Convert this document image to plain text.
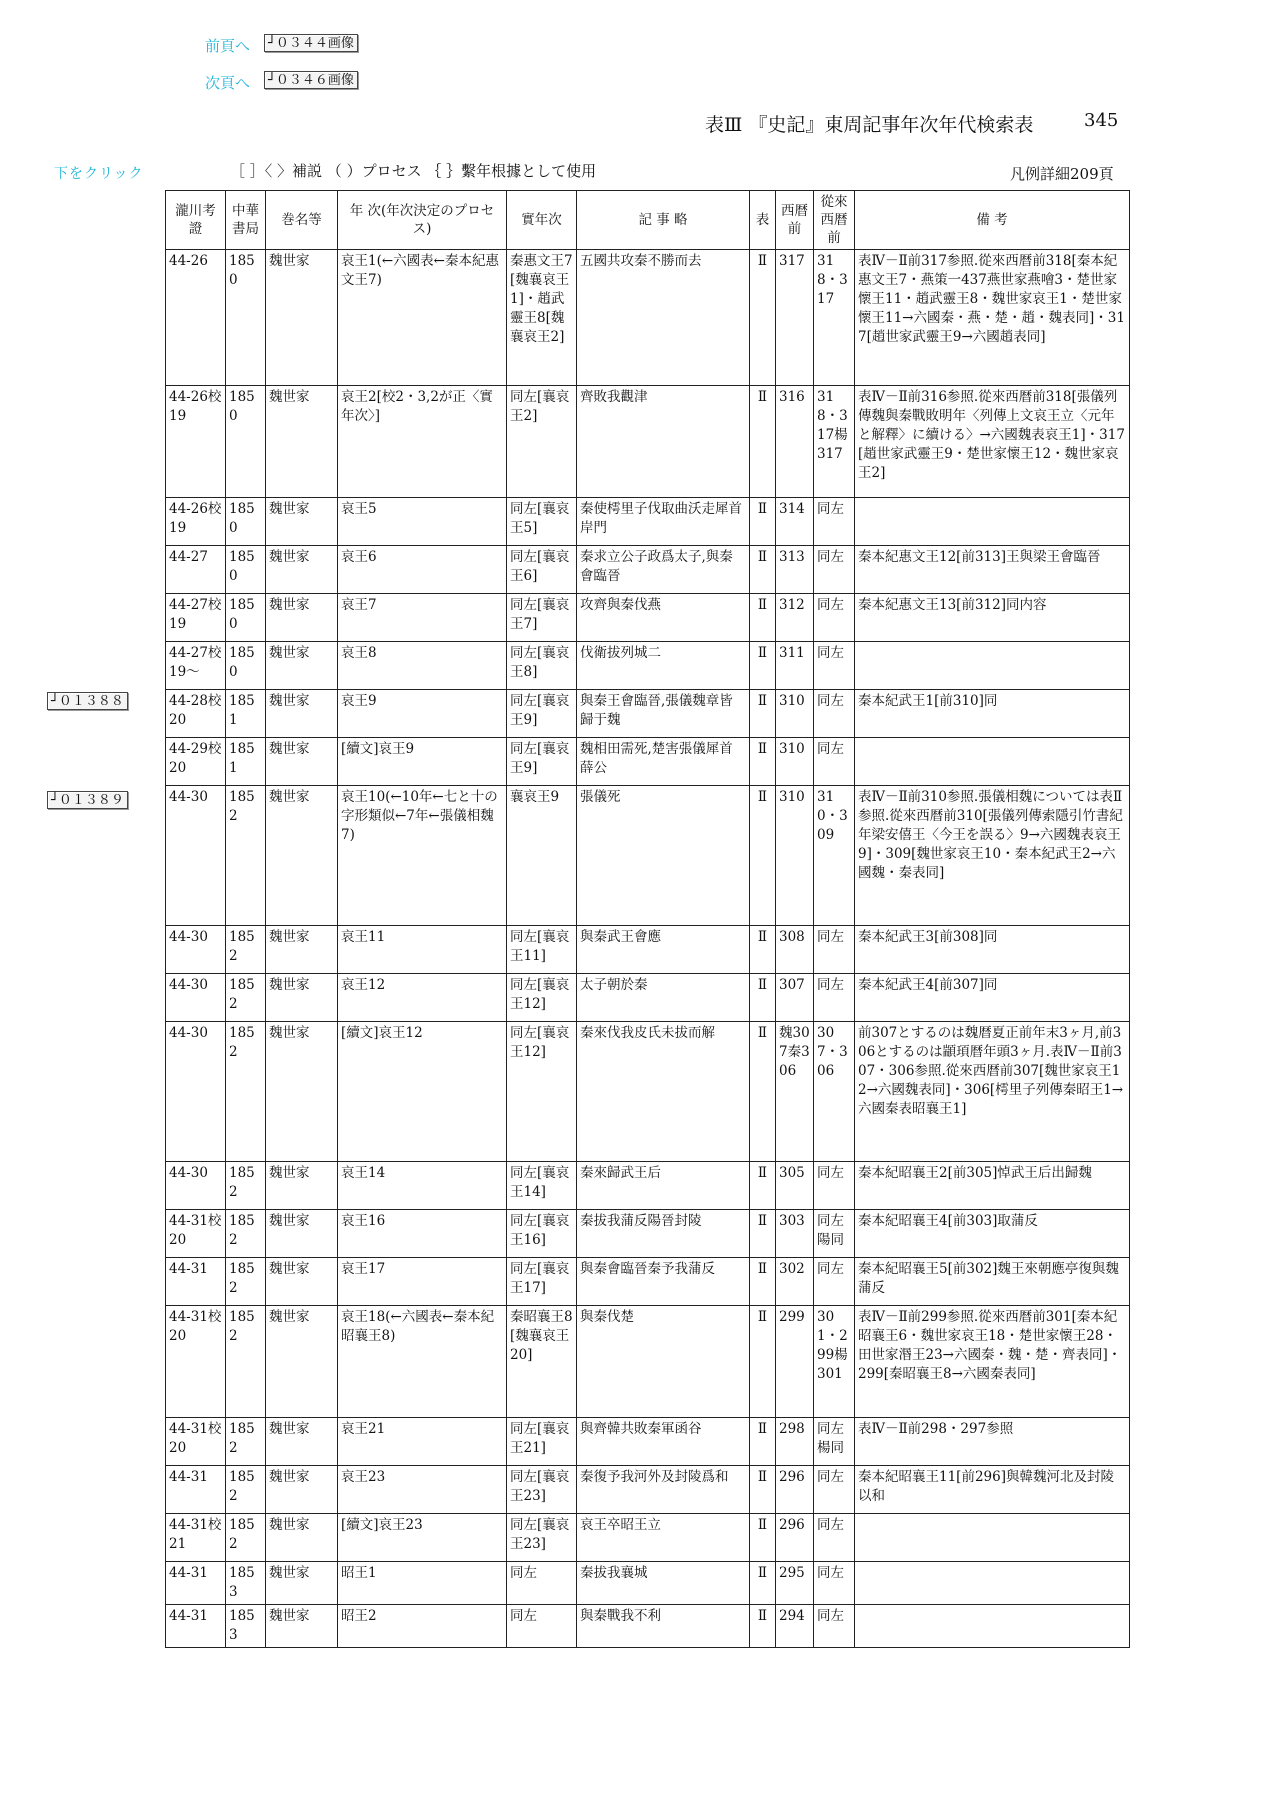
前頁へ	┘０３４４画像
次頁へ	┘０３４６画像
表Ⅲ 『史記』東周記事年次年代検索表	345
下をクリック	［ ］〈 〉補説 （ ）プロセス ｛ ｝繫年根據として使用	凡例詳細209頁
┘０１３８８
┘０１３８９
瀧川考證	中華書局	巻名等	年 次(年次決定のプロセス)	實年次	記 事 略	表	西暦前	從來西暦前	備 考
44-26	1850	魏世家	哀王1(←六國表←秦本紀惠文王7)	秦惠文王7[魏襄哀王1]・趙武靈王8[魏襄哀王2]	五國共攻秦不勝而去	Ⅱ	317	318・317	表Ⅳ－Ⅱ前317参照.從來西暦前318[秦本紀惠文王7・燕策一437燕世家燕噲3・楚世家懷王11・趙武靈王8・魏世家哀王1・楚世家懷王11→六國秦・燕・楚・趙・魏表同]・317[趙世家武靈王9→六國趙表同]
44-26校19	1850	魏世家	哀王2[校2・3,2が正〈實年次〉]	同左[襄哀王2]	齊敗我觀津	Ⅱ	316	318・317楊317	表Ⅳ－Ⅱ前316参照.從來西暦前318[張儀列傳魏與秦戰敗明年〈列傳上文哀王立〈元年と解釋〉に續ける〉→六國魏表哀王1]・317[趙世家武靈王9・楚世家懷王12・魏世家哀王2]
44-26校19	1850	魏世家	哀王5	同左[襄哀王5]	秦使樗里子伐取曲沃走犀首岸門	Ⅱ	314	同左	
44-27	1850	魏世家	哀王6	同左[襄哀王6]	秦求立公子政爲太子,與秦會臨晉	Ⅱ	313	同左	秦本紀惠文王12[前313]王與梁王會臨晉
44-27校19	1850	魏世家	哀王7	同左[襄哀王7]	攻齊與秦伐燕	Ⅱ	312	同左	秦本紀惠文王13[前312]同内容
44-27校19～	1850	魏世家	哀王8	同左[襄哀王8]	伐衛拔列城二	Ⅱ	311	同左	
44-28校20	1851	魏世家	哀王9	同左[襄哀王9]	與秦王會臨晉,張儀魏章皆歸于魏	Ⅱ	310	同左	秦本紀武王1[前310]同
44-29校20	1851	魏世家	[續文]哀王9	同左[襄哀王9]	魏相田需死,楚害張儀犀首薛公	Ⅱ	310	同左	
44-30	1852	魏世家	哀王10(←10年←七と十の字形類似←7年←張儀相魏7)	襄哀王9	張儀死	Ⅱ	310	310・309	表Ⅳ－Ⅱ前310参照.張儀相魏については表Ⅱ参照.從來西暦前310[張儀列傳索隱引竹書紀年梁安僖王〈今王を誤る〉9→六國魏表哀王9]・309[魏世家哀王10・秦本紀武王2→六國魏・秦表同]
44-30	1852	魏世家	哀王11	同左[襄哀王11]	與秦武王會應	Ⅱ	308	同左	秦本紀武王3[前308]同
44-30	1852	魏世家	哀王12	同左[襄哀王12]	太子朝於秦	Ⅱ	307	同左	秦本紀武王4[前307]同
44-30	1852	魏世家	[續文]哀王12	同左[襄哀王12]	秦來伐我皮氏未拔而解	Ⅱ	魏307秦306	307・306	前307とするのは魏暦夏正前年末3ヶ月,前306とするのは顓頊暦年頭3ヶ月.表Ⅳ－Ⅱ前307・306参照.從來西暦前307[魏世家哀王12→六國魏表同]・306[樗里子列傳秦昭王1→六國秦表昭襄王1]
44-30	1852	魏世家	哀王14	同左[襄哀王14]	秦來歸武王后	Ⅱ	305	同左	秦本紀昭襄王2[前305]悼武王后出歸魏
44-31校20	1852	魏世家	哀王16	同左[襄哀王16]	秦拔我蒲反陽晉封陵	Ⅱ	303	同左陽同	秦本紀昭襄王4[前303]取蒲反
44-31	1852	魏世家	哀王17	同左[襄哀王17]	與秦會臨晉秦予我蒲反	Ⅱ	302	同左	秦本紀昭襄王5[前302]魏王來朝應亭復與魏蒲反
44-31校20	1852	魏世家	哀王18(←六國表←秦本紀昭襄王8)	秦昭襄王8[魏襄哀王20]	與秦伐楚	Ⅱ	299	301・299楊301	表Ⅳ－Ⅱ前299参照.從來西暦前301[秦本紀昭襄王6・魏世家哀王18・楚世家懷王28・田世家湣王23→六國秦・魏・楚・齊表同]・299[秦昭襄王8→六國秦表同]
44-31校20	1852	魏世家	哀王21	同左[襄哀王21]	與齊韓共敗秦軍函谷	Ⅱ	298	同左楊同	表Ⅳ－Ⅱ前298・297参照
44-31	1852	魏世家	哀王23	同左[襄哀王23]	秦復予我河外及封陵爲和	Ⅱ	296	同左	秦本紀昭襄王11[前296]與韓魏河北及封陵以和
44-31校21	1852	魏世家	[續文]哀王23	同左[襄哀王23]	哀王卒昭王立	Ⅱ	296	同左	
44-31	1853	魏世家	昭王1	同左	秦拔我襄城	Ⅱ	295	同左	
44-31	1853	魏世家	昭王2	同左	與秦戰我不利	Ⅱ	294	同左	
